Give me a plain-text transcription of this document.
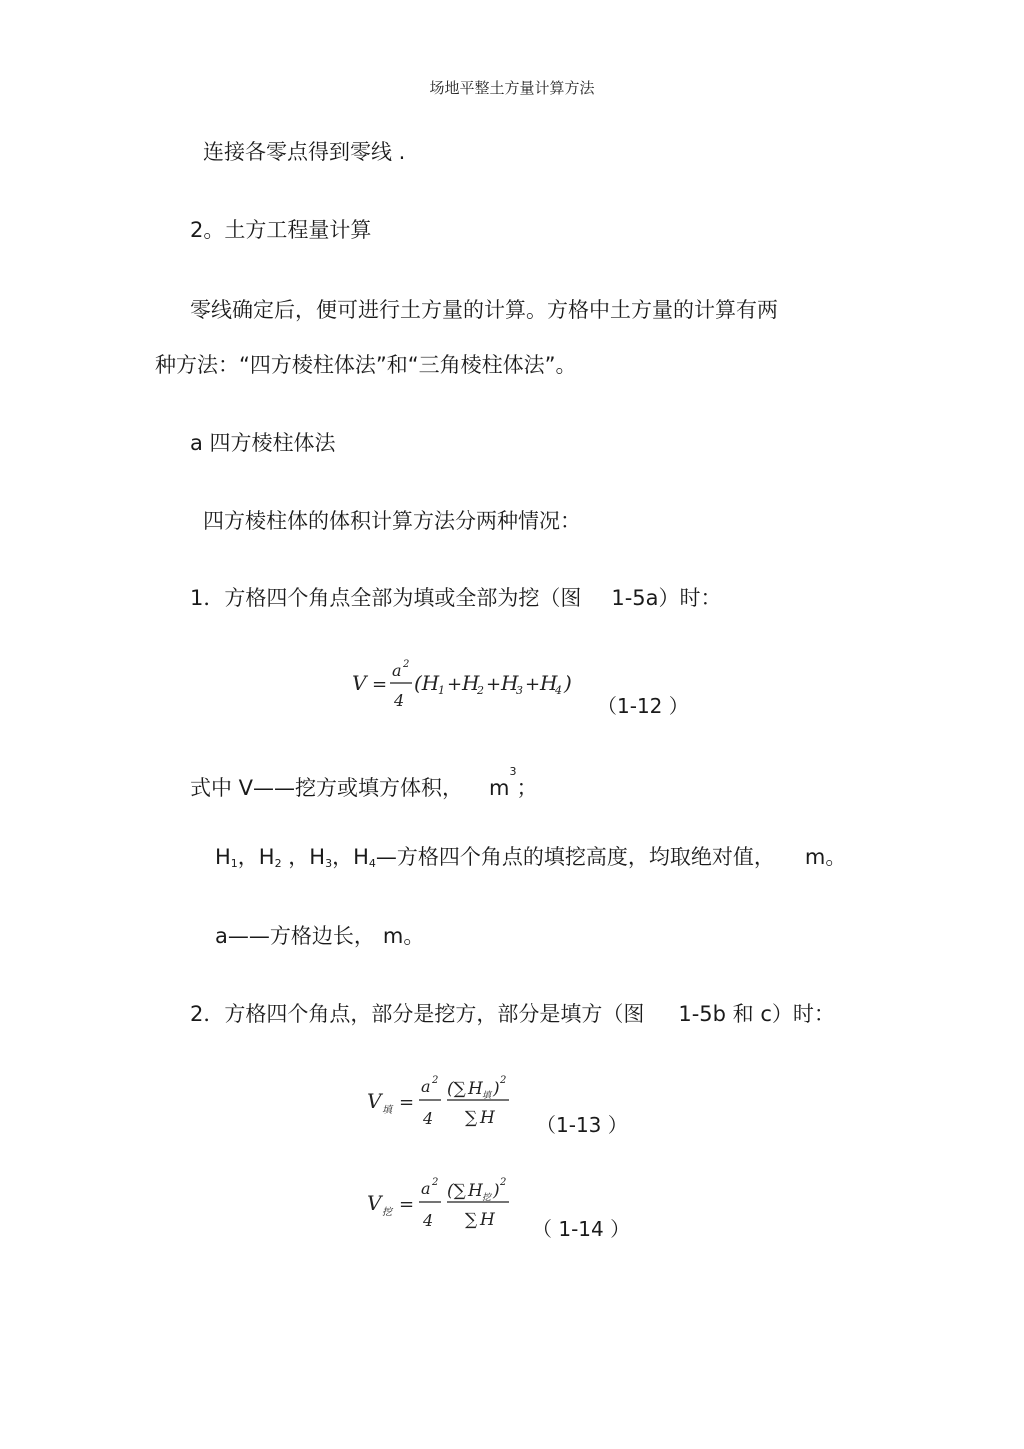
场地平整土方量计算方法
连接各零点得到零线 .
2。土方工程量计算
零线确定后，便可进行土方量的计算。方格中土方量的计算有两
种方法：“四方棱柱体法”和“三角棱柱体法”。
a 四方棱柱体法
四方棱柱体的体积计算方法分两种情况：
1．方格四个角点全部为填或全部为挖（图 1-5a）时：
V =
a 2
4
(H
1 + H
2 + H
3 + H
4 )
（1-12 ）
式中 V——挖方或填方体积， $m^3$；
$H_1$，$H_2$ ，$H_3$，$H_4—$方格四个角点的填挖高度，均取绝对值， m。
a——方格边长， m。
2．方格四个角点，部分是挖方，部分是填方（图 1-5b 和 c）时：
V 填 =
a 2
4
(∑ H 填 ) 2
∑ H （1-13 ）
V 挖 =
a 2
4
(∑ H 挖 ) 2
∑ H （ 1-14 ）
